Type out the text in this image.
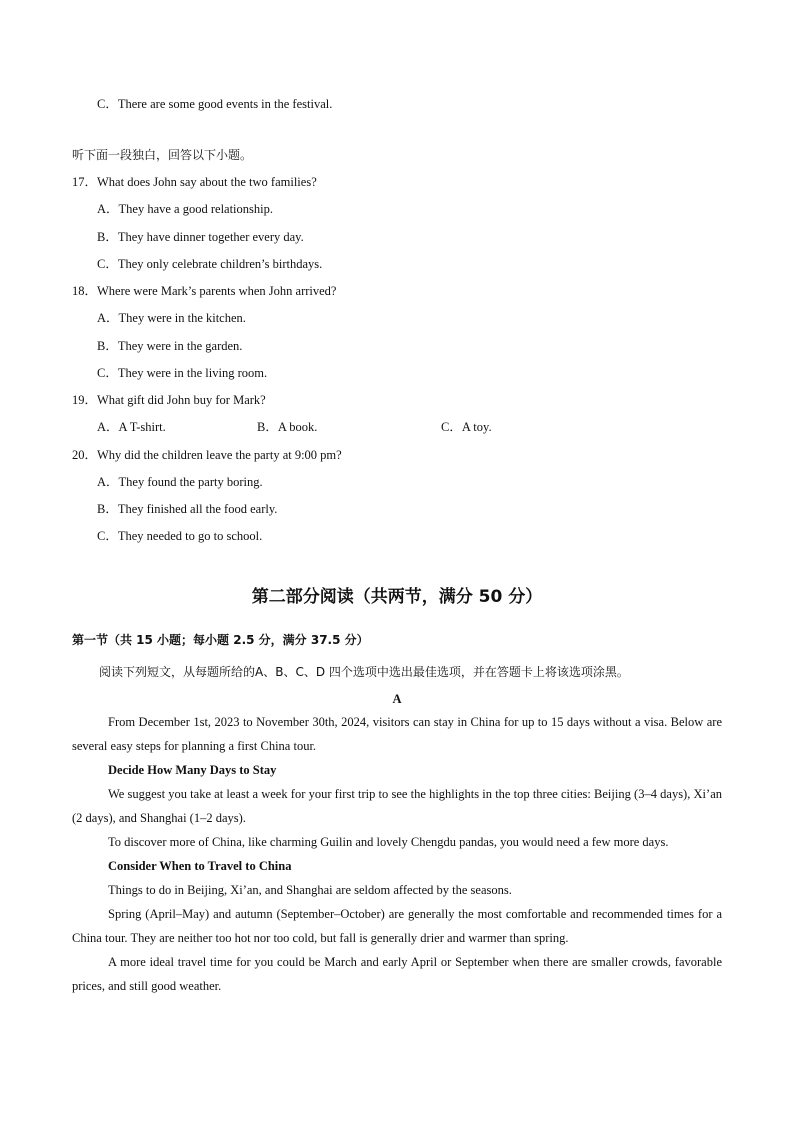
C．There are some good events in the festival.
听下面一段独白，回答以下小题。
17．What does John say about the two families?
A．They have a good relationship.
B．They have dinner together every day.
C．They only celebrate children’s birthdays.
18．Where were Mark’s parents when John arrived?
A．They were in the kitchen.
B．They were in the garden.
C．They were in the living room.
19．What gift did John buy for Mark?
A．A T-shirt.	B．A book.	C．A toy.
20．Why did the children leave the party at 9:00 pm?
A．They found the party boring.
B．They finished all the food early.
C．They needed to go to school.
第二部分阅读（共两节，满分 50 分）
第一节（共 15 小题；每小题 2.5 分，满分 37.5 分）
阅读下列短文，从每题所给的A、B、C、D 四个选项中选出最佳选项，并在答题卡上将该选项涂黑。
A

From December 1st, 2023 to November 30th, 2024, visitors can stay in China for up to 15 days without a visa. Below are several easy steps for planning a first China tour.

Decide How Many Days to Stay

We suggest you take at least a week for your first trip to see the highlights in the top three cities: Beijing (3–4 days), Xi’an (2 days), and Shanghai (1–2 days).

To discover more of China, like charming Guilin and lovely Chengdu pandas, you would need a few more days.

Consider When to Travel to China

Things to do in Beijing, Xi’an, and Shanghai are seldom affected by the seasons.

Spring (April–May) and autumn (September–October) are generally the most comfortable and recommended times for a China tour. They are neither too hot nor too cold, but fall is generally drier and warmer than spring.

A more ideal travel time for you could be March and early April or September when there are smaller crowds, favorable prices, and still good weather.
